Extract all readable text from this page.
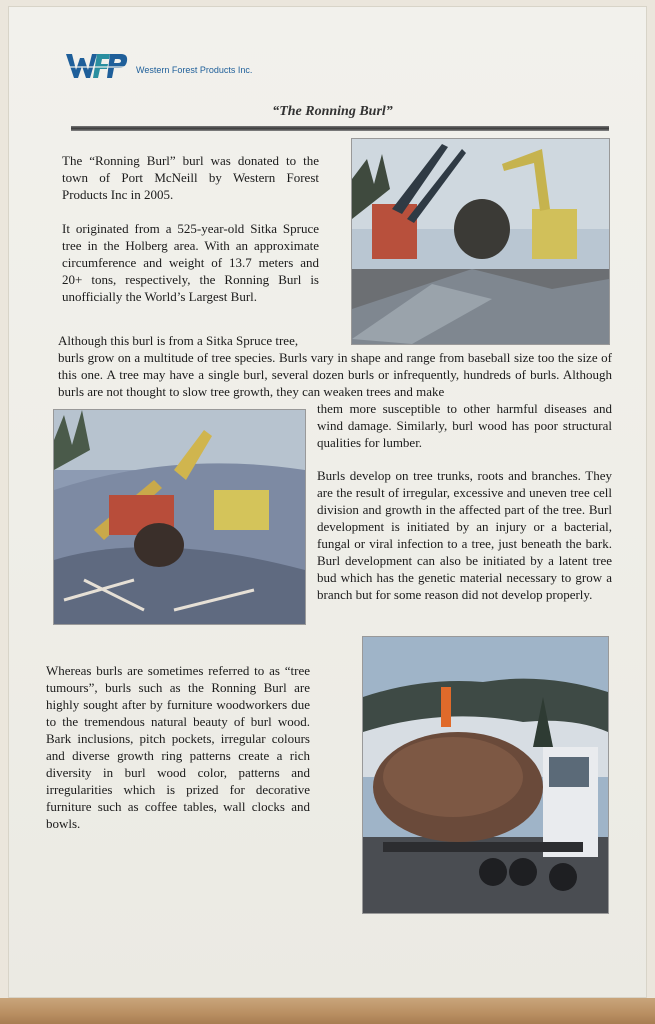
Western Forest Products Inc.
“The Ronning Burl”

The “Ronning Burl” burl was donated to the town of Port McNeill by Western Forest Products Inc in 2005.

It originated from a 525-year-old Sitka Spruce tree in the Holberg area. With an approximate circumference and weight of 13.7 meters and 20+ tons, respectively, the Ronning Burl is unofficially the World’s Largest Burl.

Although this burl is from a Sitka Spruce tree,

burls grow on a multitude of tree species. Burls vary in shape and range from baseball size too the size of this one. A tree may have a single burl, several dozen burls or infrequently, hundreds of burls. Although burls are not thought to slow tree growth, they can weaken trees and make

them more susceptible to other harmful diseases and wind damage. Similarly, burl wood has poor structural qualities for lumber.

Burls develop on tree trunks, roots and branches. They are the result of irregular, excessive and uneven tree cell division and growth in the affected part of the tree. Burl development is initiated by an injury or a bacterial, fungal or viral infection to a tree, just beneath the bark. Burl development can also be initiated by a latent tree bud which has the genetic material necessary to grow a branch but for some reason did not develop properly.

Whereas burls are sometimes referred to as “tree tumours”, burls such as the Ronning Burl are highly sought after by furniture woodworkers due to the tremendous natural beauty of burl wood. Bark inclusions, pitch pockets, irregular colours and diverse growth ring patterns create a rich diversity in burl wood color, patterns and irregularities which is prized for decorative furniture such as coffee tables, wall clocks and bowls.
